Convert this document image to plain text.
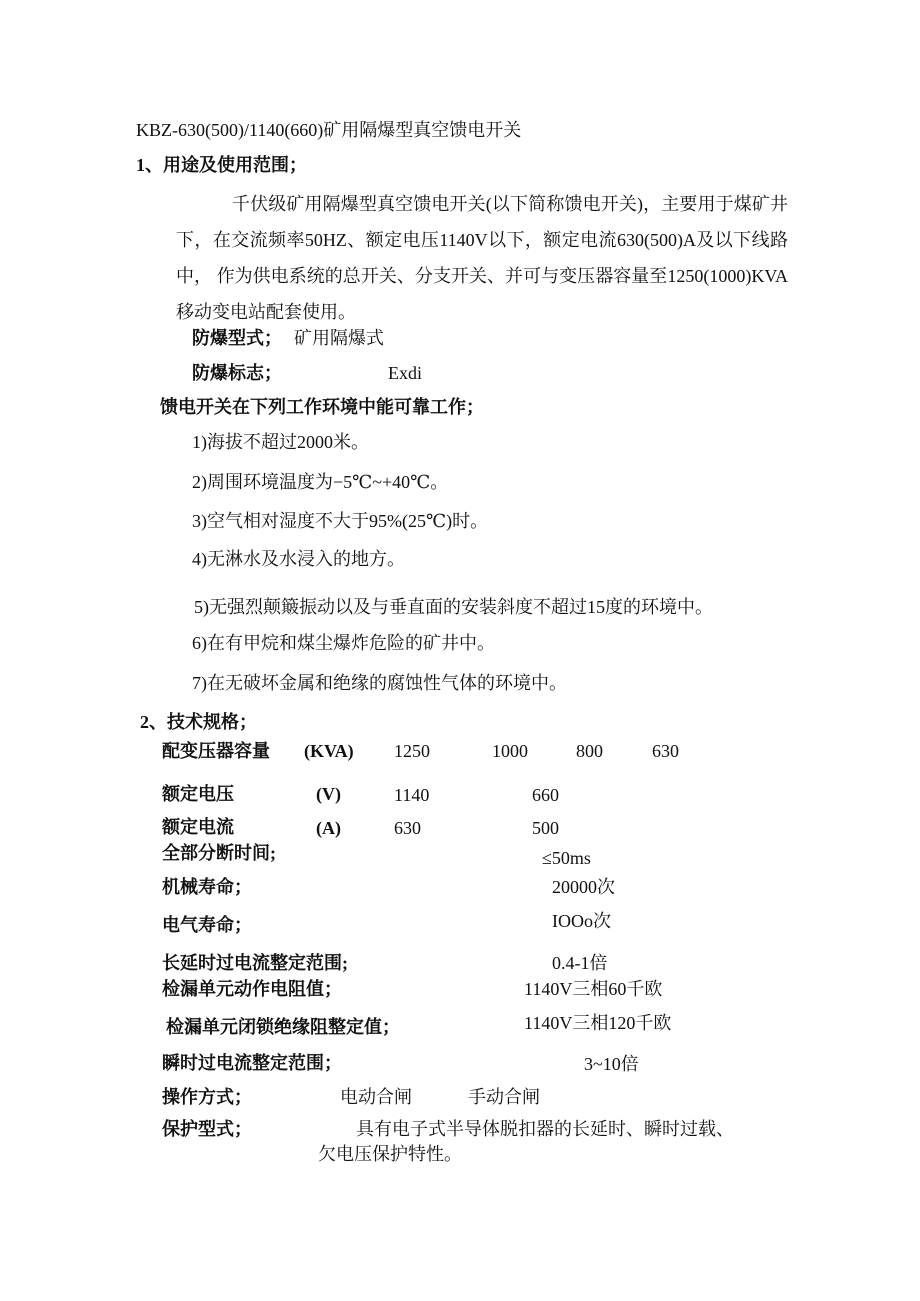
KBZ-630(500)/1140(660)矿用隔爆型真空馈电开关
1、用途及使用范围；
千伏级矿用隔爆型真空馈电开关(以下简称馈电开关)，主要用于煤矿井下，在交流频率50HZ、额定电压1140V以下，额定电流630(500)A及以下线路中， 作为供电系统的总开关、分支开关、并可与变压器容量至1250(1000)KVA移动变电站配套使用。
防爆型式； 矿用隔爆式
防爆标志；	Exdi
馈电开关在下列工作环境中能可靠工作；
1)海拔不超过2000米。
2)周围环境温度为−5℃~+40℃。
3)空气相对湿度不大于95%(25℃)时。
4)无淋水及水浸入的地方。
5)无强烈颠簸振动以及与垂直面的安装斜度不超过15度的环境中。
6)在有甲烷和煤尘爆炸危险的矿井中。
7)在无破坏金属和绝缘的腐蚀性气体的环境中。
2、技术规格；
配变压器容量 (KVA) 1250	1000	800	630
额定电压	(V)	1140	660
额定电流	(A)	630	500
全部分断时间;	≤50ms
机械寿命；	20000次
电气寿命；	IOOo次
长延时过电流整定范围;	0.4-1倍
检漏单元动作电阻值；	1140V三相60千欧
检漏单元闭锁绝缘阻整定值；	1140V三相120千欧
瞬时过电流整定范围；	3~10倍
操作方式；	电动合闸	手动合闸
保护型式；	具有电子式半导体脱扣器的长延时、瞬时过载、
欠电压保护特性。
